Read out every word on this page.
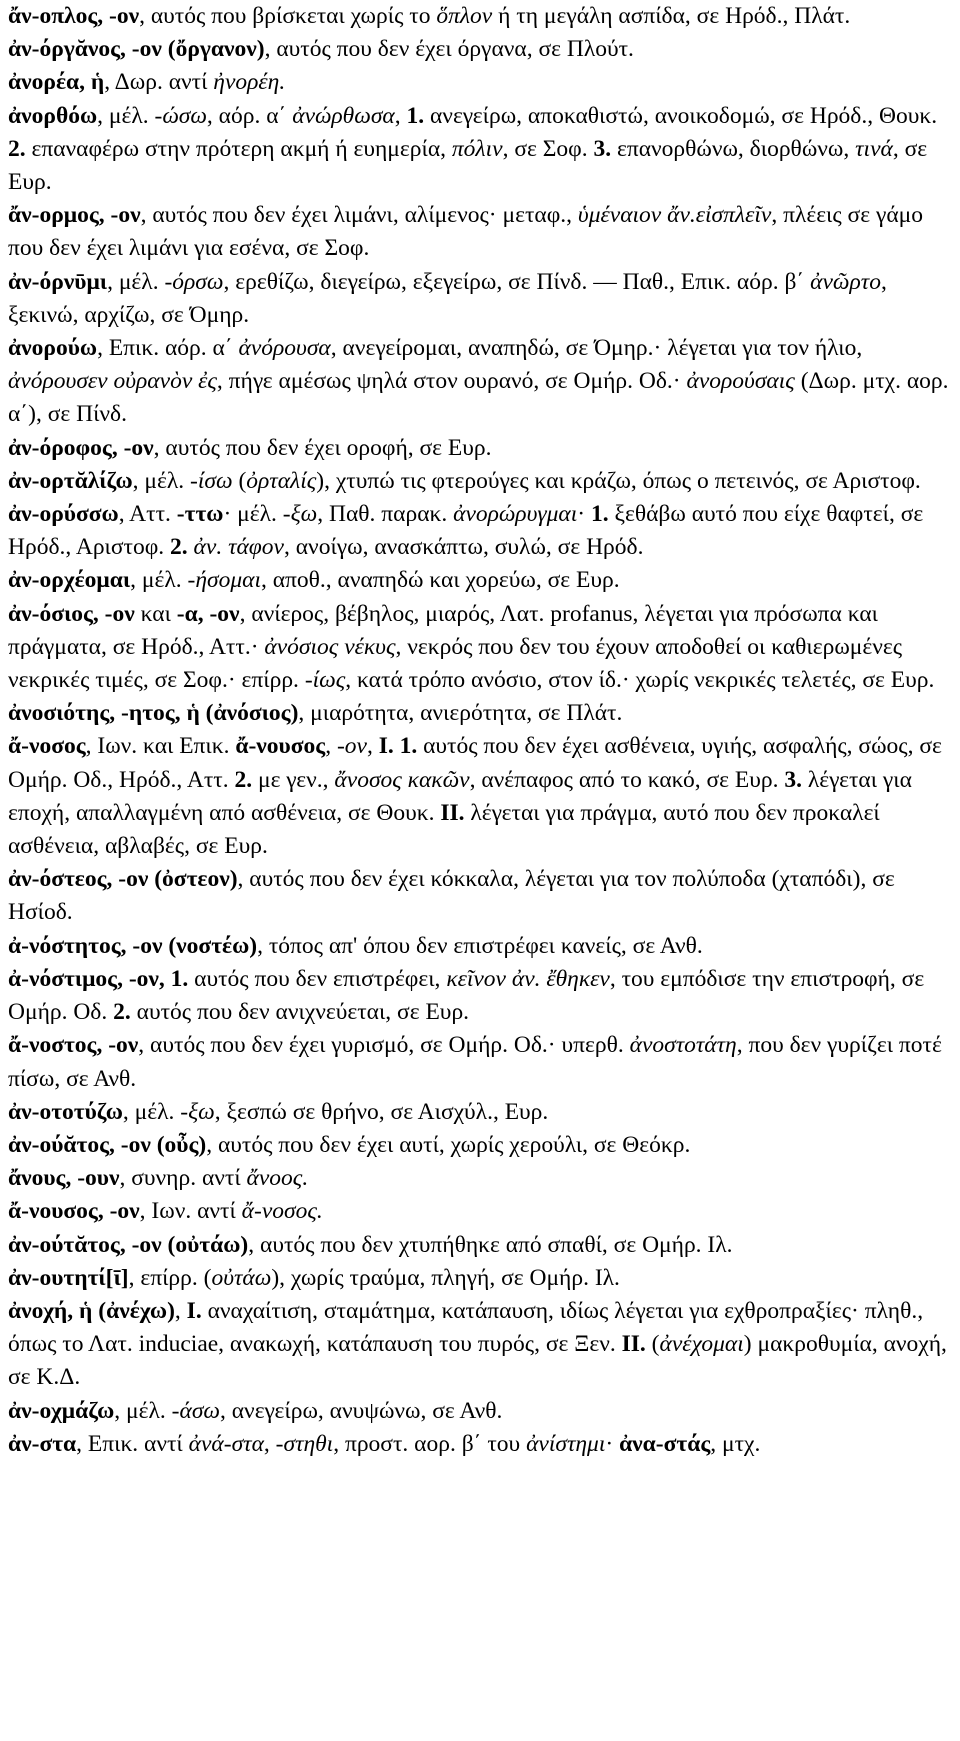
ἄν-οπλος, -ον, αυτός που βρίσκεται χωρίς το ὅπλον ή τη μεγάλη ασπίδα, σε Ηρόδ., Πλάτ.

ἀν-όργᾰνος, -ον (ὄργανον), αυτός που δεν έχει όργανα, σε Πλούτ.

ἀνορέα, ἡ, Δωρ. αντί ἠνορέη.

ἀνορθόω, μέλ. -ώσω, αόρ. α΄ ἀνώρθωσα, 1. ανεγείρω, αποκαθιστώ, ανοικοδομώ, σε Ηρόδ., Θουκ. 2. επαναφέρω στην πρότερη ακμή ή ευημερία, πόλιν, σε Σοφ. 3. επανορθώνω, διορθώνω, τινά, σε Ευρ.

ἄν-ορμος, -ον, αυτός που δεν έχει λιμάνι, αλίμενος· μεταφ., ὑμέναιον ἄν.εἰσπλεῖν, πλέεις σε γάμο που δεν έχει λιμάνι για εσένα, σε Σοφ.

ἀν-όρνῡμι, μέλ. -όρσω, ερεθίζω, διεγείρω, εξεγείρω, σε Πίνδ. — Παθ., Επικ. αόρ. β΄ ἀνῶρτο, ξεκινώ, αρχίζω, σε Όμηρ.

ἀνορούω, Επικ. αόρ. α΄ ἀνόρουσα, ανεγείρομαι, αναπηδώ, σε Όμηρ.· λέγεται για τον ήλιο, ἀνόρουσεν οὐρανὸν ἐς, πήγε αμέσως ψηλά στον ουρανό, σε Ομήρ. Οδ.· ἀνορούσαις (Δωρ. μτχ. αορ. α΄), σε Πίνδ.

ἀν-όροφος, -ον, αυτός που δεν έχει οροφή, σε Ευρ.

ἀν-ορτᾰλίζω, μέλ. -ίσω (ὀρταλίς), χτυπώ τις φτερούγες και κράζω, όπως ο πετεινός, σε Αριστοφ.

ἀν-ορύσσω, Αττ. -ττω· μέλ. -ξω, Παθ. παρακ. ἀνορώρυγμαι· 1. ξεθάβω αυτό που είχε θαφτεί, σε Ηρόδ., Αριστοφ. 2. ἀν. τάφον, ανοίγω, ανασκάπτω, συλώ, σε Ηρόδ.

ἀν-ορχέομαι, μέλ. -ήσομαι, αποθ., αναπηδώ και χορεύω, σε Ευρ.

ἀν-όσιος, -ον και -α, -ον, ανίερος, βέβηλος, μιαρός, Λατ. profanus, λέγεται για πρόσωπα και πράγματα, σε Ηρόδ., Αττ.· ἀνόσιος νέκυς, νεκρός που δεν του έχουν αποδοθεί οι καθιερωμένες νεκρικές τιμές, σε Σοφ.· επίρρ. -ίως, κατά τρόπο ανόσιο, στον ίδ.· χωρίς νεκρικές τελετές, σε Ευρ.

ἀνοσιότης, -ητος, ἡ (ἀνόσιος), μιαρότητα, ανιερότητα, σε Πλάτ.

ἄ-νοσος, Ιων. και Επικ. ἄ-νουσος, -ον, I. 1. αυτός που δεν έχει ασθένεια, υγιής, ασφαλής, σώος, σε Ομήρ. Οδ., Ηρόδ., Αττ. 2. με γεν., ἄνοσος κακῶν, ανέπαφος από το κακό, σε Ευρ. 3. λέγεται για εποχή, απαλλαγμένη από ασθένεια, σε Θουκ. II. λέγεται για πράγμα, αυτό που δεν προκαλεί ασθένεια, αβλαβές, σε Ευρ.

ἀν-όστεος, -ον (ὀστεον), αυτός που δεν έχει κόκκαλα, λέγεται για τον πολύποδα (χταπόδι), σε Ησίοδ.

ἀ-νόστητος, -ον (νοστέω), τόπος απ' όπου δεν επιστρέφει κανείς, σε Ανθ.

ἀ-νόστιμος, -ον, 1. αυτός που δεν επιστρέφει, κεῖνον ἀν. ἔθηκεν, του εμπόδισε την επιστροφή, σε Ομήρ. Οδ. 2. αυτός που δεν ανιχνεύεται, σε Ευρ.

ἄ-νοστος, -ον, αυτός που δεν έχει γυρισμό, σε Ομήρ. Οδ.· υπερθ. ἀνοστοτάτη, που δεν γυρίζει ποτέ πίσω, σε Ανθ.

ἀν-οτοτύζω, μέλ. -ξω, ξεσπώ σε θρήνο, σε Αισχύλ., Ευρ.

ἀν-ούᾰτος, -ον (οὖς), αυτός που δεν έχει αυτί, χωρίς χερούλι, σε Θεόκρ.

ἄνους, -ουν, συνηρ. αντί ἄνοος.

ἄ-νουσος, -ον, Ιων. αντί ἄ-νοσος.

ἀν-ούτᾰτος, -ον (οὐτάω), αυτός που δεν χτυπήθηκε από σπαθί, σε Ομήρ. Ιλ.

ἀν-ουτητί[ῑ], επίρρ. (οὐτάω), χωρίς τραύμα, πληγή, σε Ομήρ. Ιλ.

ἀνοχή, ἡ (ἀνέχω), I. αναχαίτιση, σταμάτημα, κατάπαυση, ιδίως λέγεται για εχθροπραξίες· πληθ., όπως το Λατ. induciae, ανακωχή, κατάπαυση του πυρός, σε Ξεν. II. (ἀνέχομαι) μακροθυμία, ανοχή, σε Κ.Δ.

ἀν-οχμάζω, μέλ. -άσω, ανεγείρω, ανυψώνω, σε Ανθ.

ἀν-στα, Επικ. αντί ἀνά-στα, -στηθι, προστ. αορ. β΄ του ἀνίστημι· ἀνα-στάς, μτχ.
